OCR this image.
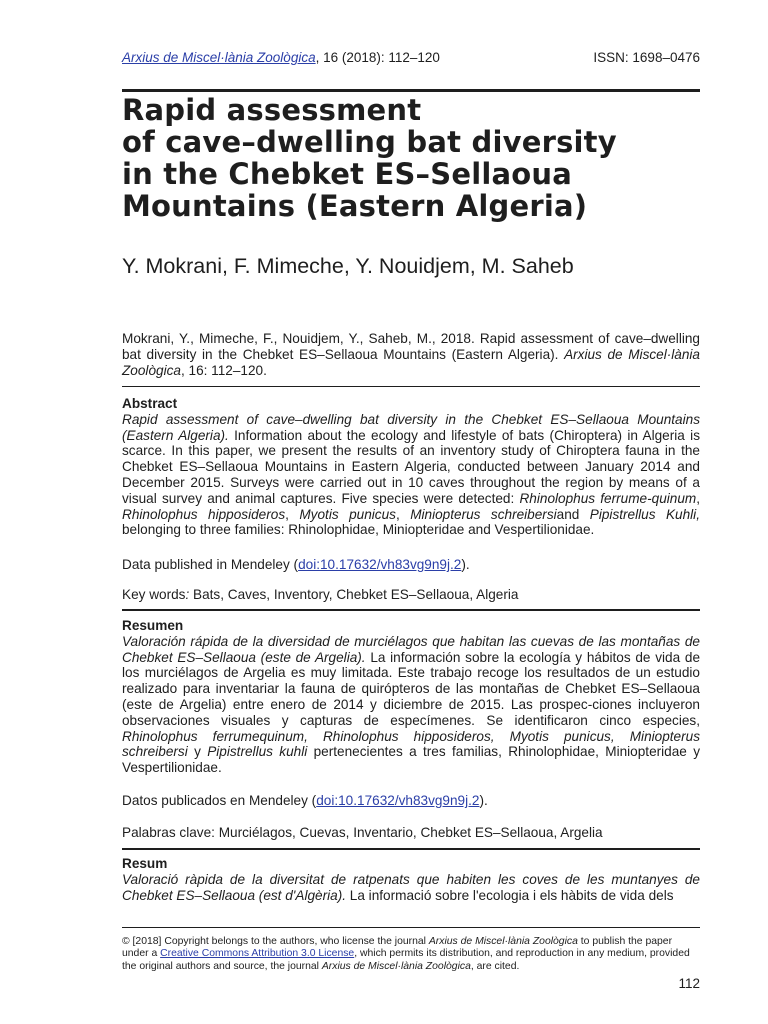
Arxius de Miscel·lània Zoològica, 16 (2018): 112–120	ISSN: 1698–0476
Rapid assessment
of cave–dwelling bat diversity
in the Chebket ES–Sellaoua
Mountains (Eastern Algeria)
Y. Mokrani, F. Mimeche, Y. Nouidjem, M. Saheb
Mokrani, Y., Mimeche, F., Nouidjem, Y., Saheb, M., 2018. Rapid assessment of cave–dwelling bat diversity in the Chebket ES–Sellaoua Mountains (Eastern Algeria). Arxius de Miscel·lània Zoològica, 16: 112–120.

Abstract

Rapid assessment of cave–dwelling bat diversity in the Chebket ES–Sellaoua Mountains (Eastern Algeria). Information about the ecology and lifestyle of bats (Chiroptera) in Algeria is scarce. In this paper, we present the results of an inventory study of Chiroptera fauna in the Chebket ES–Sellaoua Mountains in Eastern Algeria, conducted between January 2014 and December 2015. Surveys were carried out in 10 caves throughout the region by means of a visual survey and animal captures. Five species were detected: Rhinolophus ferrume-quinum, Rhinolophus hipposideros, Myotis punicus, Miniopterus schreibersiand Pipistrellus Kuhli, belonging to three families: Rhinolophidae, Miniopteridae and Vespertilionidae.

Data published in Mendeley (doi:10.17632/vh83vg9n9j.2).
Key words: Bats, Caves, Inventory, Chebket ES–Sellaoua, Algeria

Resumen

Valoración rápida de la diversidad de murciélagos que habitan las cuevas de las montañas de Chebket ES–Sellaoua (este de Argelia). La información sobre la ecología y hábitos de vida de los murciélagos de Argelia es muy limitada. Este trabajo recoge los resultados de un estudio realizado para inventariar la fauna de quirópteros de las montañas de Chebket ES–Sellaoua (este de Argelia) entre enero de 2014 y diciembre de 2015. Las prospec-ciones incluyeron observaciones visuales y capturas de especímenes. Se identificaron cinco especies, Rhinolophus ferrumequinum, Rhinolophus hipposideros, Myotis punicus, Miniopterus schreibersi y Pipistrellus kuhli pertenecientes a tres familias, Rhinolophidae, Miniopteridae y Vespertilionidae.

Datos publicados en Mendeley (doi:10.17632/vh83vg9n9j.2).
Palabras clave: Murciélagos, Cuevas, Inventario, Chebket ES–Sellaoua, Argelia

Resum

Valoració ràpida de la diversitat de ratpenats que habiten les coves de les muntanyes de Chebket ES–Sellaoua (est d'Algèria). La informació sobre l'ecologia i els hàbits de vida dels

© [2018] Copyright belongs to the authors, who license the journal Arxius de Miscel·lània Zoològica to publish the paper under a Creative Commons Attribution 3.0 License, which permits its distribution, and reproduction in any medium, provided the original authors and source, the journal Arxius de Miscel·lània Zoològica, are cited.

112
